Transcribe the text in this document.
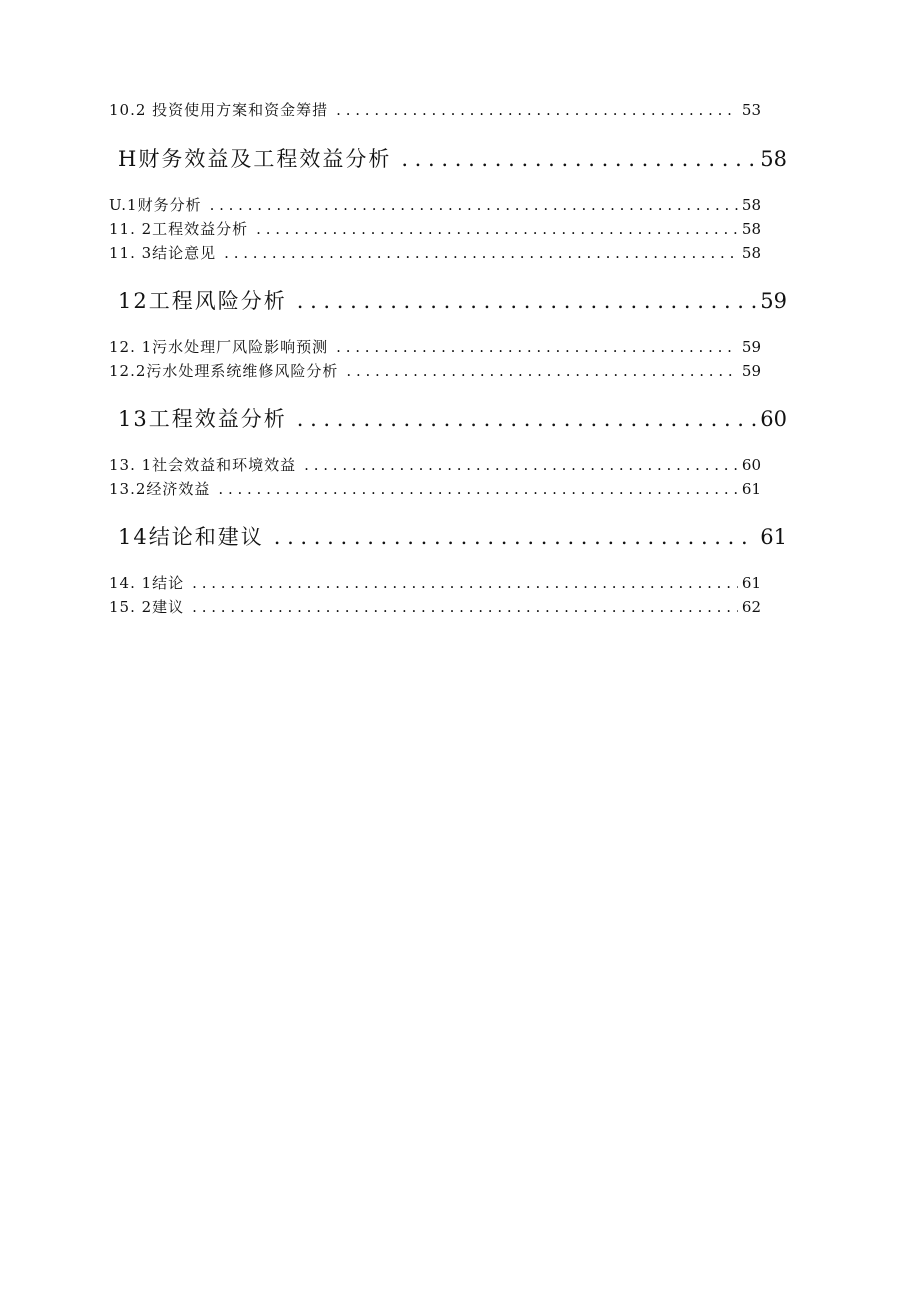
10.2 投资使用方案和资金筹措 . . .	53
H财务效益及工程效益分析 . . .	58
U.1财务分析 . . .	58
11. 2工程效益分析 . . .	58
11. 3结论意见 . . .	58
12工程风险分析 . . .	59
12. 1污水处理厂风险影响预测 . . .	59
12.2污水处理系统维修风险分析 . . .	59
13工程效益分析 . . .	60
13. 1社会效益和环境效益 . . .	60
13.2经济效益 . . .	61
14结论和建议 . . .	61
14. 1结论 . . .	61
15. 2建议 . . .	62
